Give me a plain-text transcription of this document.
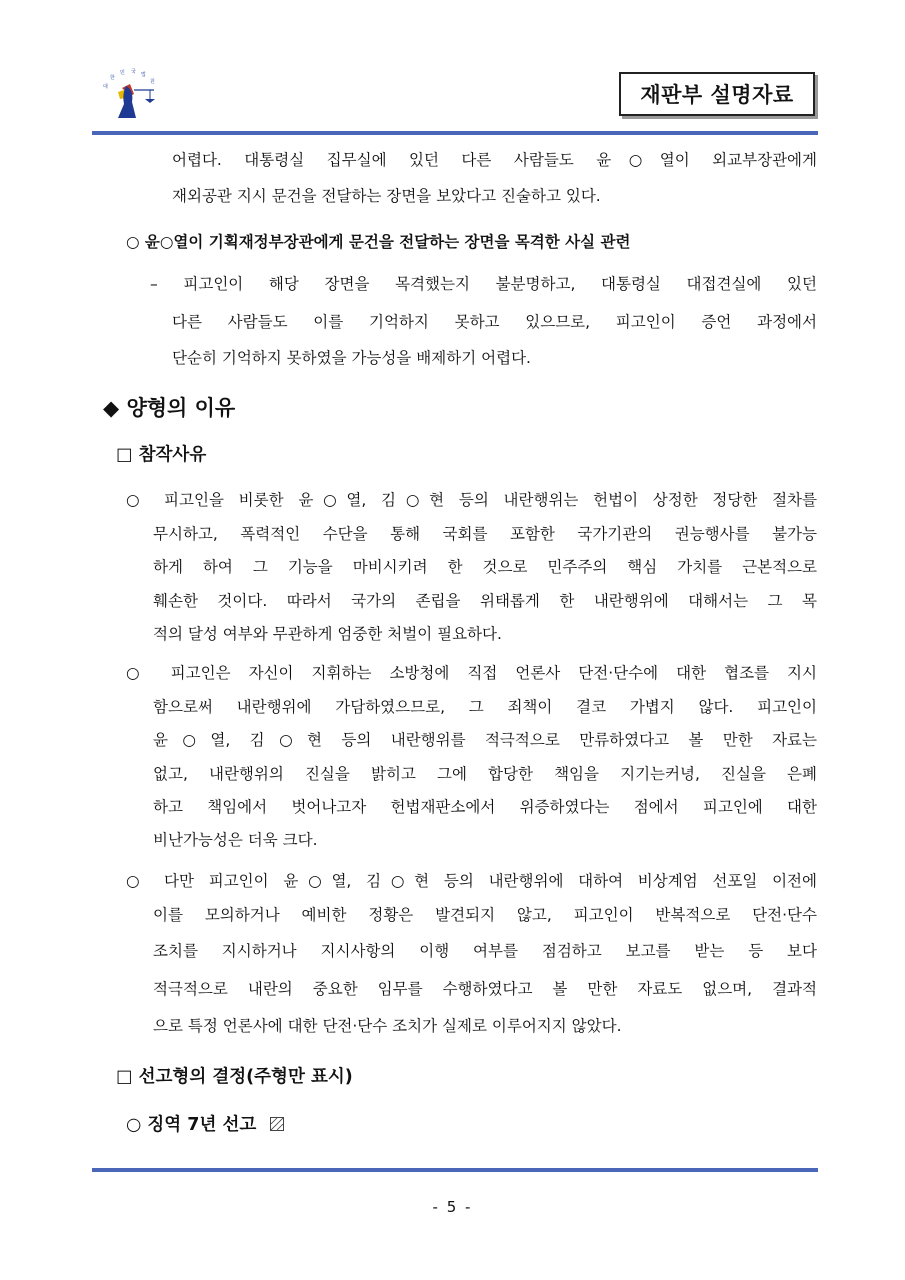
대
한
민 국 법
원
재판부 설명자료
어렵다. 대통령실 집무실에 있던 다른 사람들도 윤○열이 외교부장관에게
재외공관 지시 문건을 전달하는 장면을 보았다고 진술하고 있다.
○ 윤○열이 기획재정부장관에게 문건을 전달하는 장면을 목격한 사실 관련
– 피고인이 해당 장면을 목격했는지 불분명하고, 대통령실 대접견실에 있던
다른 사람들도 이를 기억하지 못하고 있으므로, 피고인이 증언 과정에서
단순히 기억하지 못하였을 가능성을 배제하기 어렵다.
◆ 양형의 이유
□ 참작사유
○ 피고인을 비롯한 윤○열, 김○현 등의 내란행위는 헌법이 상정한 정당한 절차를
무시하고, 폭력적인 수단을 통해 국회를 포함한 국가기관의 권능행사를 불가능
하게 하여 그 기능을 마비시키려 한 것으로 민주주의 핵심 가치를 근본적으로
훼손한 것이다. 따라서 국가의 존립을 위태롭게 한 내란행위에 대해서는 그 목
적의 달성 여부와 무관하게 엄중한 처벌이 필요하다.
○ 피고인은 자신이 지휘하는 소방청에 직접 언론사 단전·단수에 대한 협조를 지시
함으로써 내란행위에 가담하였으므로, 그 죄책이 결코 가볍지 않다. 피고인이
윤○열, 김○현 등의 내란행위를 적극적으로 만류하였다고 볼 만한 자료는
없고, 내란행위의 진실을 밝히고 그에 합당한 책임을 지기는커녕, 진실을 은폐
하고 책임에서 벗어나고자 헌법재판소에서 위증하였다는 점에서 피고인에 대한
비난가능성은 더욱 크다.
○ 다만 피고인이 윤○열, 김○현 등의 내란행위에 대하여 비상계엄 선포일 이전에
이를 모의하거나 예비한 정황은 발견되지 않고, 피고인이 반복적으로 단전·단수
조치를 지시하거나 지시사항의 이행 여부를 점검하고 보고를 받는 등 보다
적극적으로 내란의 중요한 임무를 수행하였다고 볼 만한 자료도 없으며, 결과적
으로 특정 언론사에 대한 단전·단수 조치가 실제로 이루어지지 않았다.
□ 선고형의 결정(주형만 표시)
○ 징역 7년 선고
- 5 -
